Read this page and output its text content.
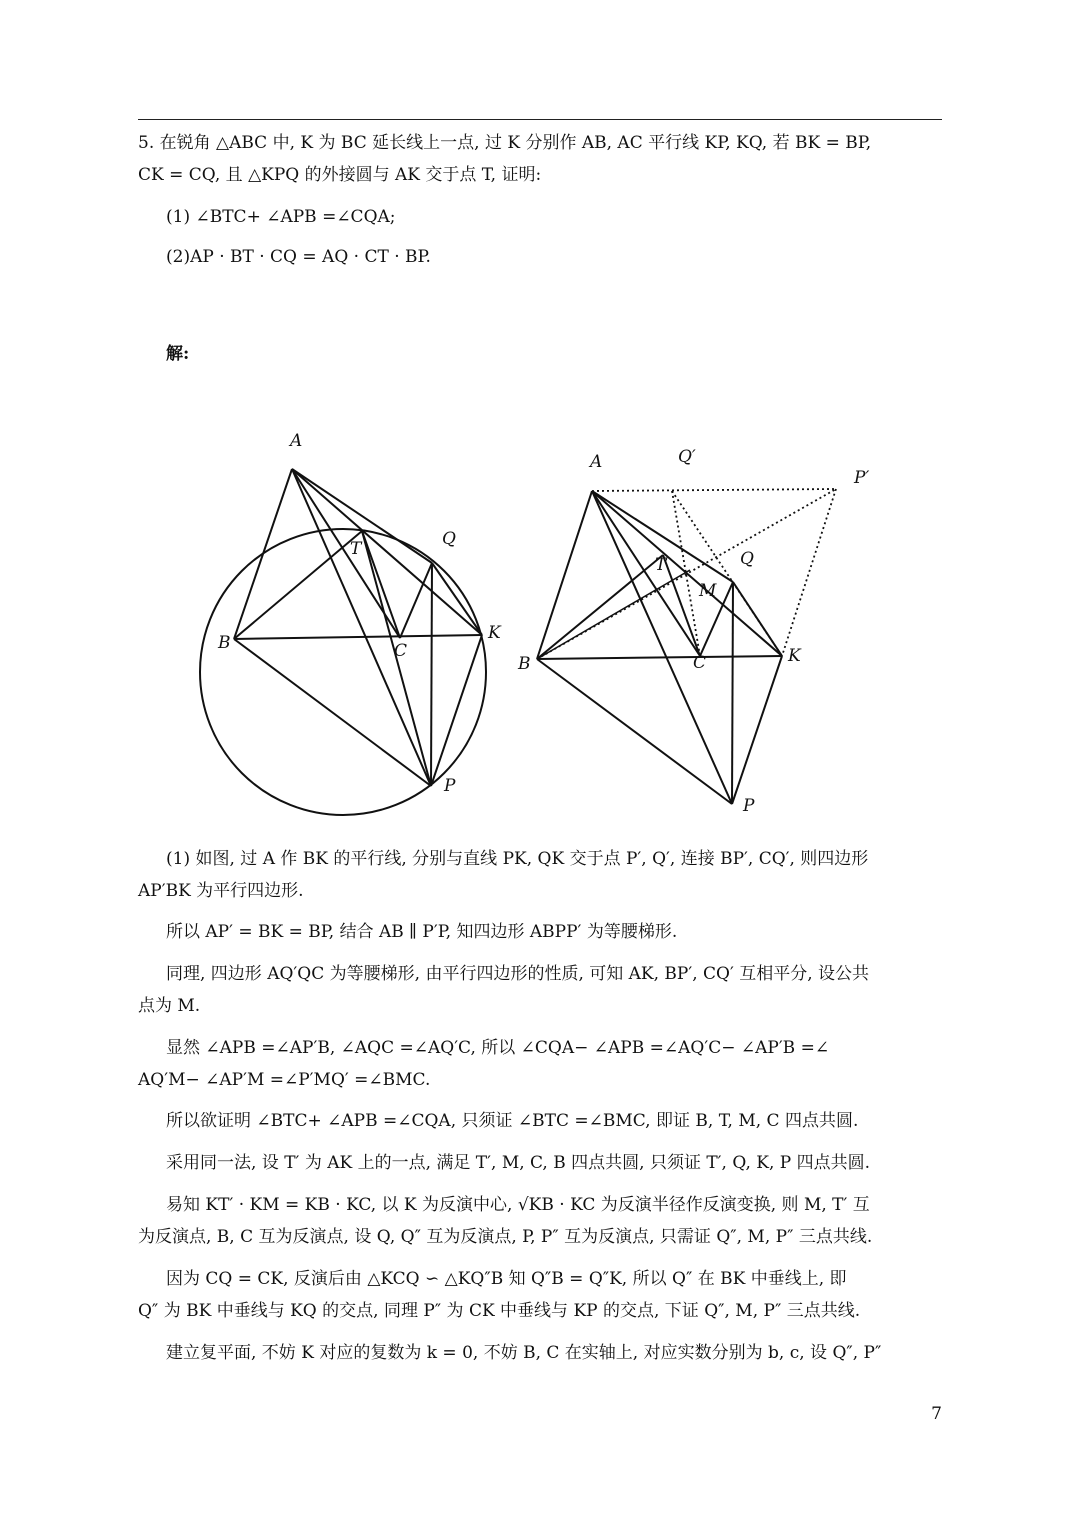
5. 在锐角 △ABC 中, K 为 BC 延长线上一点, 过 K 分别作 AB, AC 平行线 KP, KQ, 若 BK = BP,

CK = CQ, 且 △KPQ 的外接圆与 AK 交于点 T, 证明:

(1) ∠BTC+ ∠APB =∠CQA;

(2)AP · BT · CQ = AQ · CT · BP.

解:

A
T	Q
B	C
K
P
A	Q′
P′
T
M
Q
B	C	K
P

(1) 如图, 过 A 作 BK 的平行线, 分别与直线 PK, QK 交于点 P′, Q′, 连接 BP′, CQ′, 则四边形

AP′BK 为平行四边形.

所以 AP′ = BK = BP, 结合 AB ∥ P′P, 知四边形 ABPP′ 为等腰梯形.

同理, 四边形 AQ′QC 为等腰梯形, 由平行四边形的性质, 可知 AK, BP′, CQ′ 互相平分, 设公共

点为 M.

显然 ∠APB =∠AP′B, ∠AQC =∠AQ′C, 所以 ∠CQA− ∠APB =∠AQ′C− ∠AP′B =∠

AQ′M− ∠AP′M =∠P′MQ′ =∠BMC.

所以欲证明 ∠BTC+ ∠APB =∠CQA, 只须证 ∠BTC =∠BMC, 即证 B, T, M, C 四点共圆.

采用同一法, 设 T′ 为 AK 上的一点, 满足 T′, M, C, B 四点共圆, 只须证 T′, Q, K, P 四点共圆.

易知 KT′ · KM = KB · KC, 以 K 为反演中心, √KB · KC 为反演半径作反演变换, 则 M, T′ 互

为反演点, B, C 互为反演点, 设 Q, Q″ 互为反演点, P, P″ 互为反演点, 只需证 Q″, M, P″ 三点共线.

因为 CQ = CK, 反演后由 △KCQ ∽ △KQ″B 知 Q″B = Q″K, 所以 Q″ 在 BK 中垂线上, 即

Q″ 为 BK 中垂线与 KQ 的交点, 同理 P″ 为 CK 中垂线与 KP 的交点, 下证 Q″, M, P″ 三点共线.

建立复平面, 不妨 K 对应的复数为 k = 0, 不妨 B, C 在实轴上, 对应实数分别为 b, c, 设 Q″, P″

7
